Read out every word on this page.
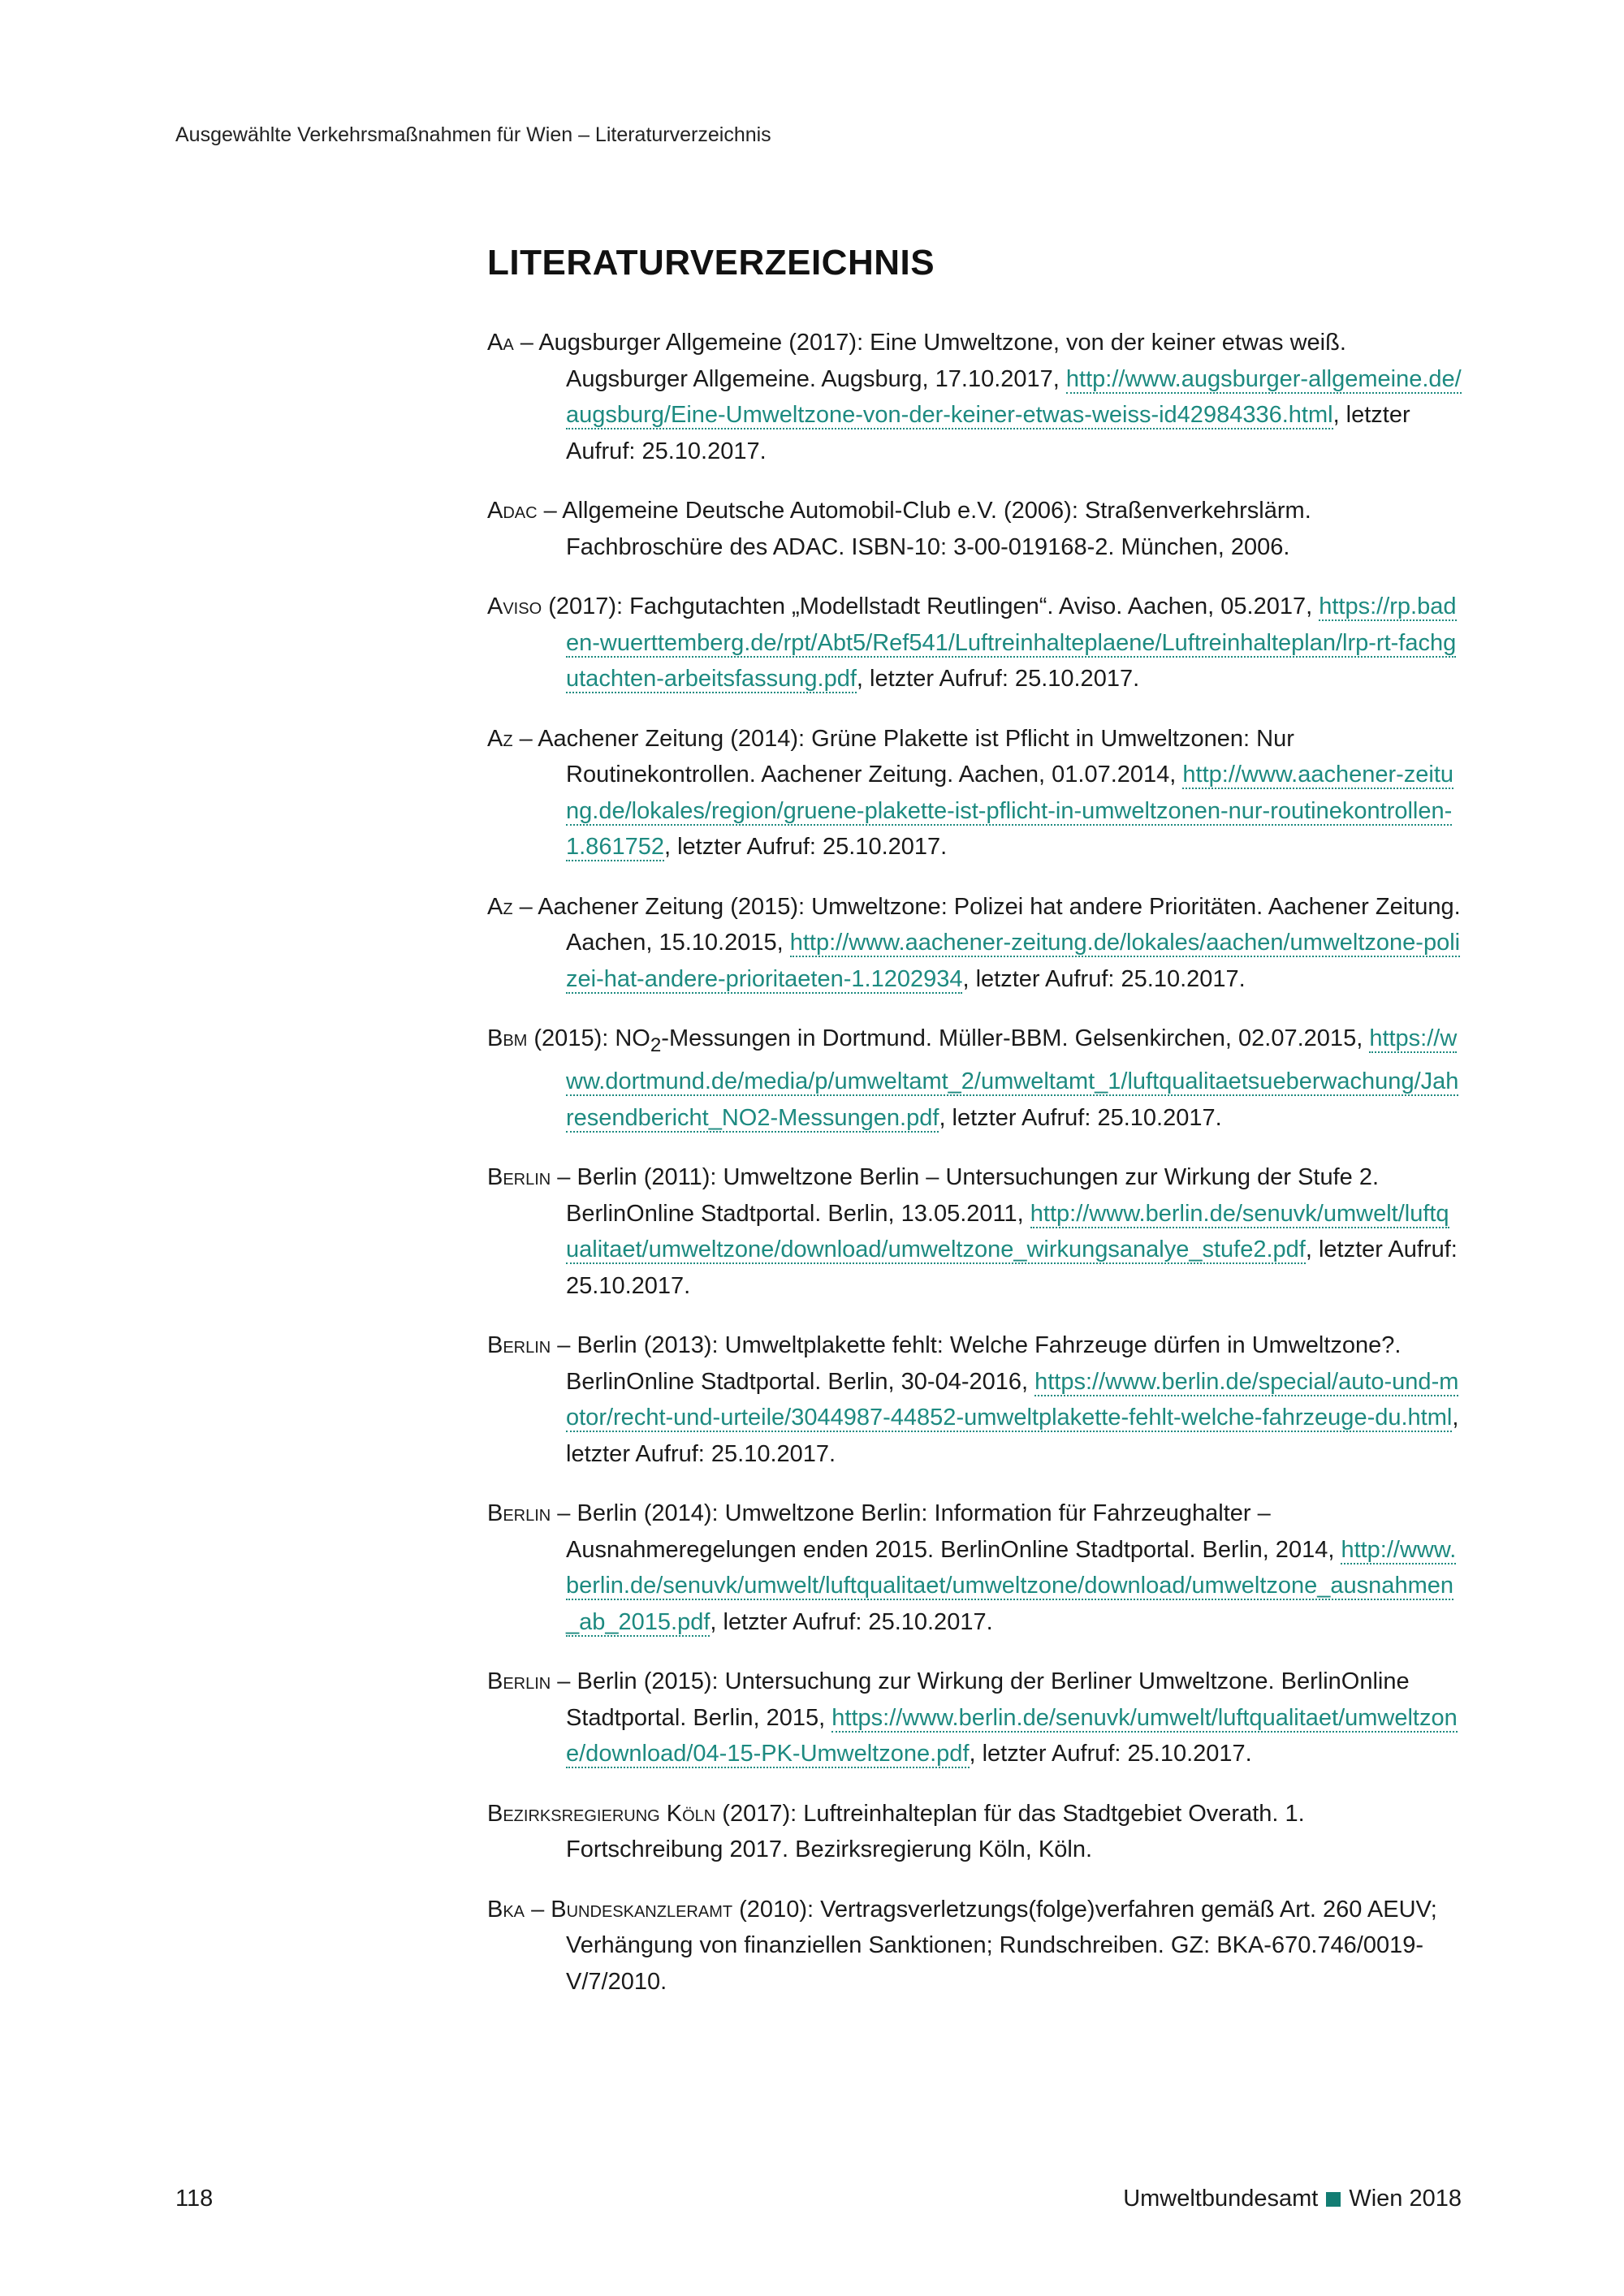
Ausgewählte Verkehrsmaßnahmen für Wien – Literaturverzeichnis
LITERATURVERZEICHNIS

Aa – Augsburger Allgemeine (2017): Eine Umweltzone, von der keiner etwas weiß. Augsburger Allgemeine. Augsburg, 17.10.2017, http://www.augsburger-allgemeine.de/augsburg/Eine-Umweltzone-von-der-keiner-etwas-weiss-id42984336.html, letzter Aufruf: 25.10.2017.

Adac – Allgemeine Deutsche Automobil-Club e.V. (2006): Straßenverkehrslärm. Fachbroschüre des ADAC. ISBN-10: 3-00-019168-2. München, 2006.

Aviso (2017): Fachgutachten „Modellstadt Reutlingen“. Aviso. Aachen, 05.2017, https://rp.baden-wuerttemberg.de/rpt/Abt5/Ref541/Luftreinhalteplaene/Luftreinhalteplan/lrp-rt-fachgutachten-arbeitsfassung.pdf, letzter Aufruf: 25.10.2017.

Az – Aachener Zeitung (2014): Grüne Plakette ist Pflicht in Umweltzonen: Nur Routinekontrollen. Aachener Zeitung. Aachen, 01.07.2014, http://www.aachener-zeitung.de/lokales/region/gruene-plakette-ist-pflicht-in-umweltzonen-nur-routinekontrollen-1.861752, letzter Aufruf: 25.10.2017.

Az – Aachener Zeitung (2015): Umweltzone: Polizei hat andere Prioritäten. Aachener Zeitung. Aachen, 15.10.2015, http://www.aachener-zeitung.de/lokales/aachen/umweltzone-polizei-hat-andere-prioritaeten-1.1202934, letzter Aufruf: 25.10.2017.

Bbm (2015): $NO_2$-Messungen in Dortmund. Müller-BBM. Gelsenkirchen, 02.07.2015, https://www.dortmund.de/media/p/umweltamt_2/umweltamt_1/luftqualitaetsueberwachung/Jahresendbericht_NO2-Messungen.pdf, letzter Aufruf: 25.10.2017.

Berlin – Berlin (2011): Umweltzone Berlin – Untersuchungen zur Wirkung der Stufe 2. BerlinOnline Stadtportal. Berlin, 13.05.2011, http://www.berlin.de/senuvk/umwelt/luftqualitaet/umweltzone/download/umweltzone_wirkungsanalye_stufe2.pdf, letzter Aufruf: 25.10.2017.

Berlin – Berlin (2013): Umweltplakette fehlt: Welche Fahrzeuge dürfen in Umweltzone?. BerlinOnline Stadtportal. Berlin, 30-04-2016, https://www.berlin.de/special/auto-und-motor/recht-und-urteile/3044987-44852-umweltplakette-fehlt-welche-fahrzeuge-du.html, letzter Aufruf: 25.10.2017.

Berlin – Berlin (2014): Umweltzone Berlin: Information für Fahrzeughalter – Ausnahmeregelungen enden 2015. BerlinOnline Stadtportal. Berlin, 2014, http://www.berlin.de/senuvk/umwelt/luftqualitaet/umweltzone/download/umweltzone_ausnahmen_ab_2015.pdf, letzter Aufruf: 25.10.2017.

Berlin – Berlin (2015): Untersuchung zur Wirkung der Berliner Umweltzone. BerlinOnline Stadtportal. Berlin, 2015, https://www.berlin.de/senuvk/umwelt/luftqualitaet/umweltzone/download/04-15-PK-Umweltzone.pdf, letzter Aufruf: 25.10.2017.

Bezirksregierung Köln (2017): Luftreinhalteplan für das Stadtgebiet Overath. 1. Fortschreibung 2017. Bezirksregierung Köln, Köln.

Bka – Bundeskanzleramt (2010): Vertragsverletzungs(folge)verfahren gemäß Art. 260 AEUV; Verhängung von finanziellen Sanktionen; Rundschreiben. GZ: BKA-670.746/0019-V/7/2010.

118	Umweltbundesamt Wien 2018
